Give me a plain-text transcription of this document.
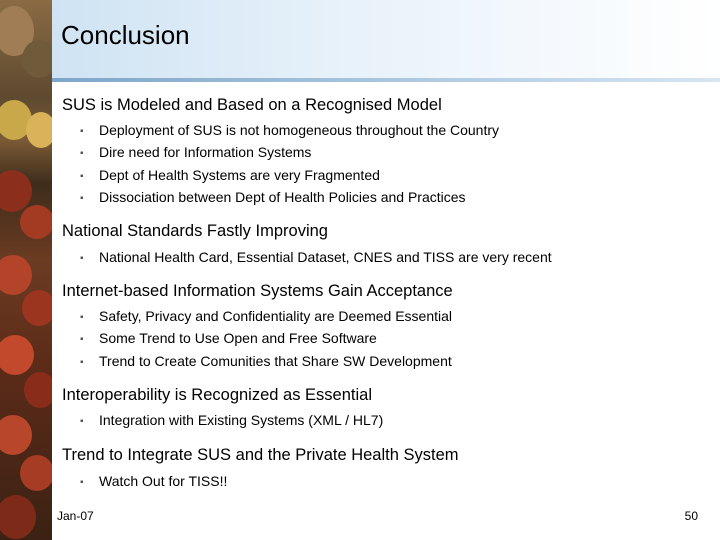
Conclusion
SUS is Modeled and Based on a Recognised Model
▪ Deployment of SUS is not homogeneous throughout the Country
▪ Dire need for Information Systems
▪ Dept of Health Systems are very Fragmented
▪ Dissociation between Dept of Health Policies and Practices
National Standards Fastly Improving
▪ National Health Card, Essential Dataset, CNES and TISS are very recent
Internet-based Information Systems Gain Acceptance
▪ Safety, Privacy and Confidentiality are Deemed Essential
▪ Some Trend to Use Open and Free Software
▪ Trend to Create Comunities that Share SW Development
Interoperability is Recognized as Essential
▪ Integration with Existing Systems (XML / HL7)
Trend to Integrate SUS and the Private Health System
▪ Watch Out for TISS!!
Jan-07	50
